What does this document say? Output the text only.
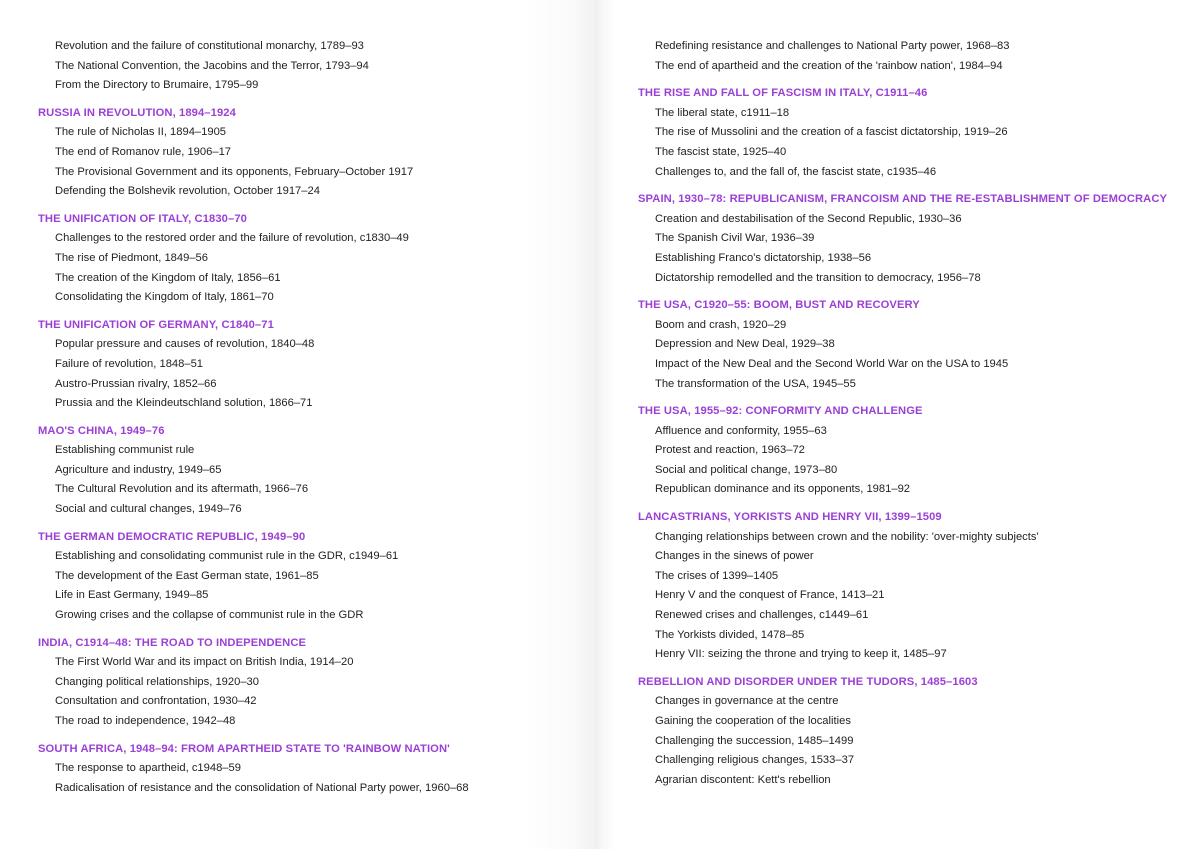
Revolution and the failure of constitutional monarchy, 1789–93
The National Convention, the Jacobins and the Terror, 1793–94
From the Directory to Brumaire, 1795–99
RUSSIA IN REVOLUTION, 1894–1924
The rule of Nicholas II, 1894–1905
The end of Romanov rule, 1906–17
The Provisional Government and its opponents, February–October 1917
Defending the Bolshevik revolution, October 1917–24
THE UNIFICATION OF ITALY, C1830–70
Challenges to the restored order and the failure of revolution, c1830–49
The rise of Piedmont, 1849–56
The creation of the Kingdom of Italy, 1856–61
Consolidating the Kingdom of Italy, 1861–70
THE UNIFICATION OF GERMANY, C1840–71
Popular pressure and causes of revolution, 1840–48
Failure of revolution, 1848–51
Austro-Prussian rivalry, 1852–66
Prussia and the Kleindeutschland solution, 1866–71
MAO'S CHINA, 1949–76
Establishing communist rule
Agriculture and industry, 1949–65
The Cultural Revolution and its aftermath, 1966–76
Social and cultural changes, 1949–76
THE GERMAN DEMOCRATIC REPUBLIC, 1949–90
Establishing and consolidating communist rule in the GDR, c1949–61
The development of the East German state, 1961–85
Life in East Germany, 1949–85
Growing crises and the collapse of communist rule in the GDR
INDIA, C1914–48: THE ROAD TO INDEPENDENCE
The First World War and its impact on British India, 1914–20
Changing political relationships, 1920–30
Consultation and confrontation, 1930–42
The road to independence, 1942–48
SOUTH AFRICA, 1948–94: FROM APARTHEID STATE TO 'RAINBOW NATION'
The response to apartheid, c1948–59
Radicalisation of resistance and the consolidation of National Party power, 1960–68
Redefining resistance and challenges to National Party power, 1968–83
The end of apartheid and the creation of the 'rainbow nation', 1984–94
THE RISE AND FALL OF FASCISM IN ITALY, C1911–46
The liberal state, c1911–18
The rise of Mussolini and the creation of a fascist dictatorship, 1919–26
The fascist state, 1925–40
Challenges to, and the fall of, the fascist state, c1935–46
SPAIN, 1930–78: REPUBLICANISM, FRANCOISM AND THE RE-ESTABLISHMENT OF DEMOCRACY
Creation and destabilisation of the Second Republic, 1930–36
The Spanish Civil War, 1936–39
Establishing Franco's dictatorship, 1938–56
Dictatorship remodelled and the transition to democracy, 1956–78
THE USA, C1920–55: BOOM, BUST AND RECOVERY
Boom and crash, 1920–29
Depression and New Deal, 1929–38
Impact of the New Deal and the Second World War on the USA to 1945
The transformation of the USA, 1945–55
THE USA, 1955–92: CONFORMITY AND CHALLENGE
Affluence and conformity, 1955–63
Protest and reaction, 1963–72
Social and political change, 1973–80
Republican dominance and its opponents, 1981–92
LANCASTRIANS, YORKISTS AND HENRY VII, 1399–1509
Changing relationships between crown and the nobility: 'over-mighty subjects'
Changes in the sinews of power
The crises of 1399–1405
Henry V and the conquest of France, 1413–21
Renewed crises and challenges, c1449–61
The Yorkists divided, 1478–85
Henry VII: seizing the throne and trying to keep it, 1485–97
REBELLION AND DISORDER UNDER THE TUDORS, 1485–1603
Changes in governance at the centre
Gaining the cooperation of the localities
Challenging the succession, 1485–1499
Challenging religious changes, 1533–37
Agrarian discontent: Kett's rebellion
